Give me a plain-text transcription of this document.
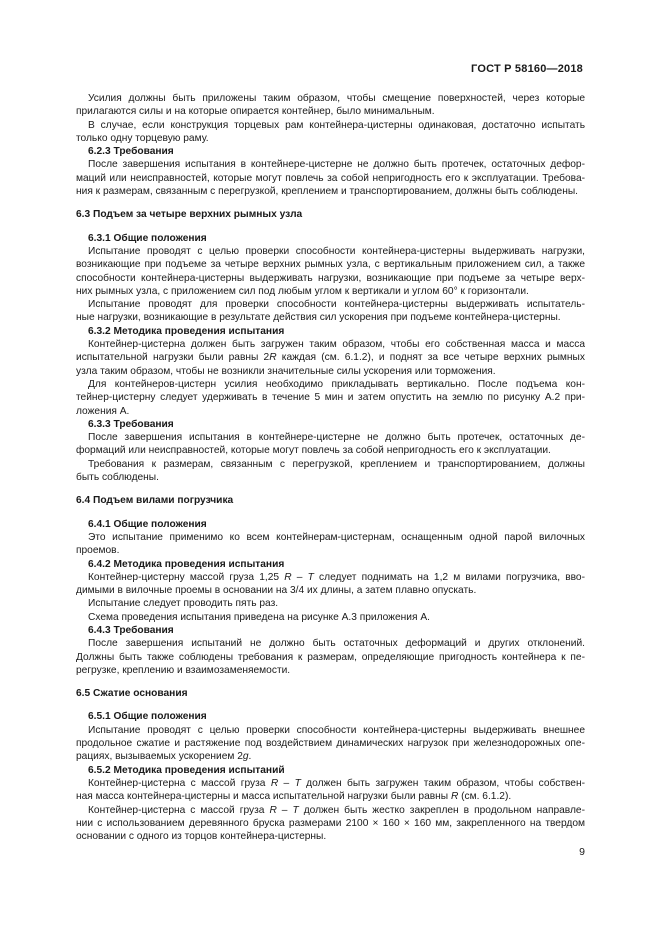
ГОСТ Р 58160—2018
Усилия должны быть приложены таким образом, чтобы смещение поверхностей, через которые
прилагаются силы и на которые опирается контейнер, было минимальным.
В случае, если конструкция торцевых рам контейнера-цистерны одинаковая, достаточно испытать
только одну торцевую раму.
6.2.3 Требования
После завершения испытания в контейнере-цистерне не должно быть протечек, остаточных дефор-
маций или неисправностей, которые могут повлечь за собой непригодность его к эксплуатации. Требова-
ния к размерам, связанным с перегрузкой, креплением и транспортированием, должны быть соблюдены.
6.3 Подъем за четыре верхних рымных узла
6.3.1 Общие положения
Испытание проводят с целью проверки способности контейнера-цистерны выдерживать нагрузки,
возникающие при подъеме за четыре верхних рымных узла, с вертикальным приложением сил, а также
способности контейнера-цистерны выдерживать нагрузки, возникающие при подъеме за четыре верх-
них рымных узла, с приложением сил под любым углом к вертикали и углом 60° к горизонтали.
Испытание проводят для проверки способности контейнера-цистерны выдерживать испытатель-
ные нагрузки, возникающие в результате действия сил ускорения при подъеме контейнера-цистерны.
6.3.2 Методика проведения испытания
Контейнер-цистерна должен быть загружен таким образом, чтобы его собственная масса и масса
испытательной нагрузки были равны 2R каждая (см. 6.1.2), и поднят за все четыре верхних рымных
узла таким образом, чтобы не возникли значительные силы ускорения или торможения.
Для контейнеров-цистерн усилия необходимо прикладывать вертикально. После подъема кон-
тейнер-цистерну следует удерживать в течение 5 мин и затем опустить на землю по рисунку А.2 при-
ложения А.
6.3.3 Требования
После завершения испытания в контейнере-цистерне не должно быть протечек, остаточных де-
формаций или неисправностей, которые могут повлечь за собой непригодность его к эксплуатации.
Требования к размерам, связанным с перегрузкой, креплением и транспортированием, должны
быть соблюдены.
6.4 Подъем вилами погрузчика
6.4.1 Общие положения
Это испытание применимо ко всем контейнерам-цистернам, оснащенным одной парой вилочных
проемов.
6.4.2 Методика проведения испытания
Контейнер-цистерну массой груза 1,25 R – T следует поднимать на 1,2 м вилами погрузчика, вво-
димыми в вилочные проемы в основании на 3/4 их длины, а затем плавно опускать.
Испытание следует проводить пять раз.
Схема проведения испытания приведена на рисунке А.3 приложения А.
6.4.3 Требования
После завершения испытаний не должно быть остаточных деформаций и других отклонений.
Должны быть также соблюдены требования к размерам, определяющие пригодность контейнера к пе-
регрузке, креплению и взаимозаменяемости.
6.5 Сжатие основания
6.5.1 Общие положения
Испытание проводят с целью проверки способности контейнера-цистерны выдерживать внешнее
продольное сжатие и растяжение под воздействием динамических нагрузок при железнодорожных опе-
рациях, вызываемых ускорением 2g.
6.5.2 Методика проведения испытаний
Контейнер-цистерна с массой груза R – T должен быть загружен таким образом, чтобы собствен-
ная масса контейнера-цистерны и масса испытательной нагрузки были равны R (см. 6.1.2).
Контейнер-цистерна с массой груза R – T должен быть жестко закреплен в продольном направле-
нии с использованием деревянного бруска размерами 2100 × 160 × 160 мм, закрепленного на твердом
основании с одного из торцов контейнера-цистерны.
9
